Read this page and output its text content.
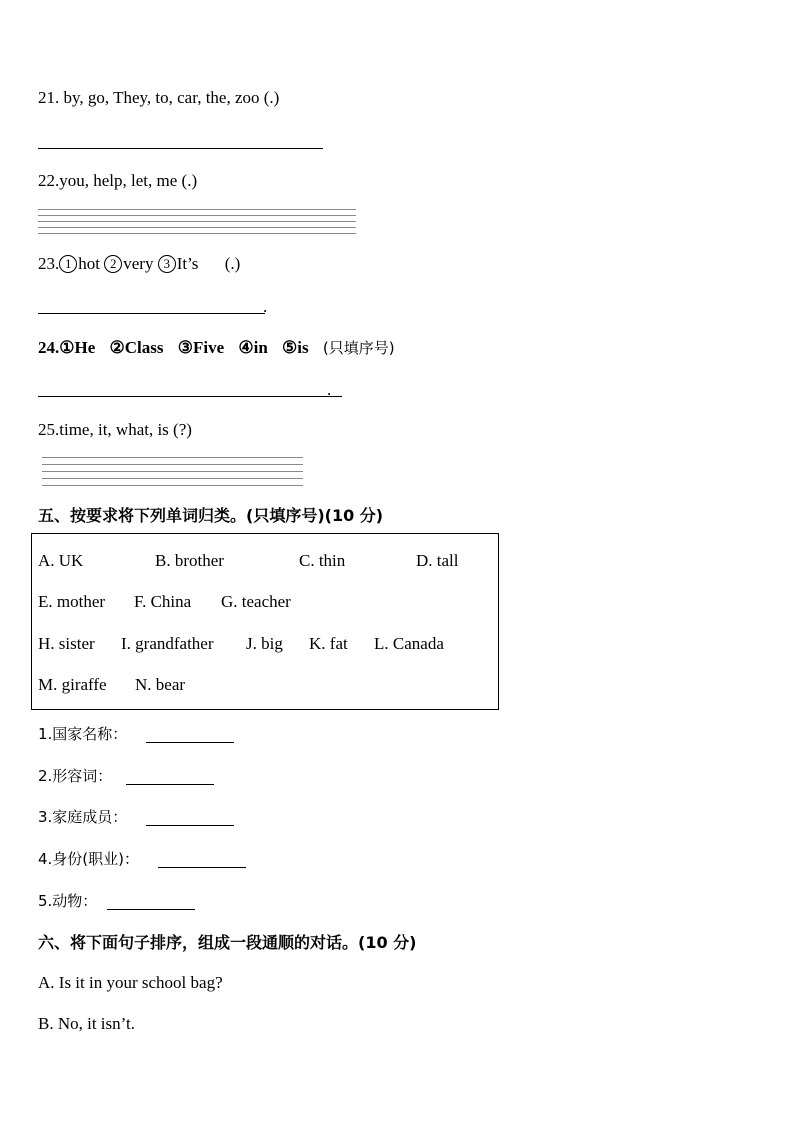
21. by, go, They, to, car, the, zoo (.)
22.you, help, let, me (.)
23. 1 hot 2 very 3 It’s (.)
.
24.①He ②Class ③Five ④in ⑤is (只填序号)
.
25.time, it, what, is (?)
五、按要求将下列单词归类。(只填序号)(10 分)
A. UK	B. brother	C. thin	D. tall
E. mother F. China G. teacher
H. sister I. grandfather J. big K. fat L. Canada
M. giraffe N. bear
1.国家名称：
2.形容词：
3.家庭成员：
4.身份(职业)：
5.动物：
六、将下面句子排序，组成一段通顺的对话。(10 分)
A. Is it in your school bag?
B. No, it isn’t.
